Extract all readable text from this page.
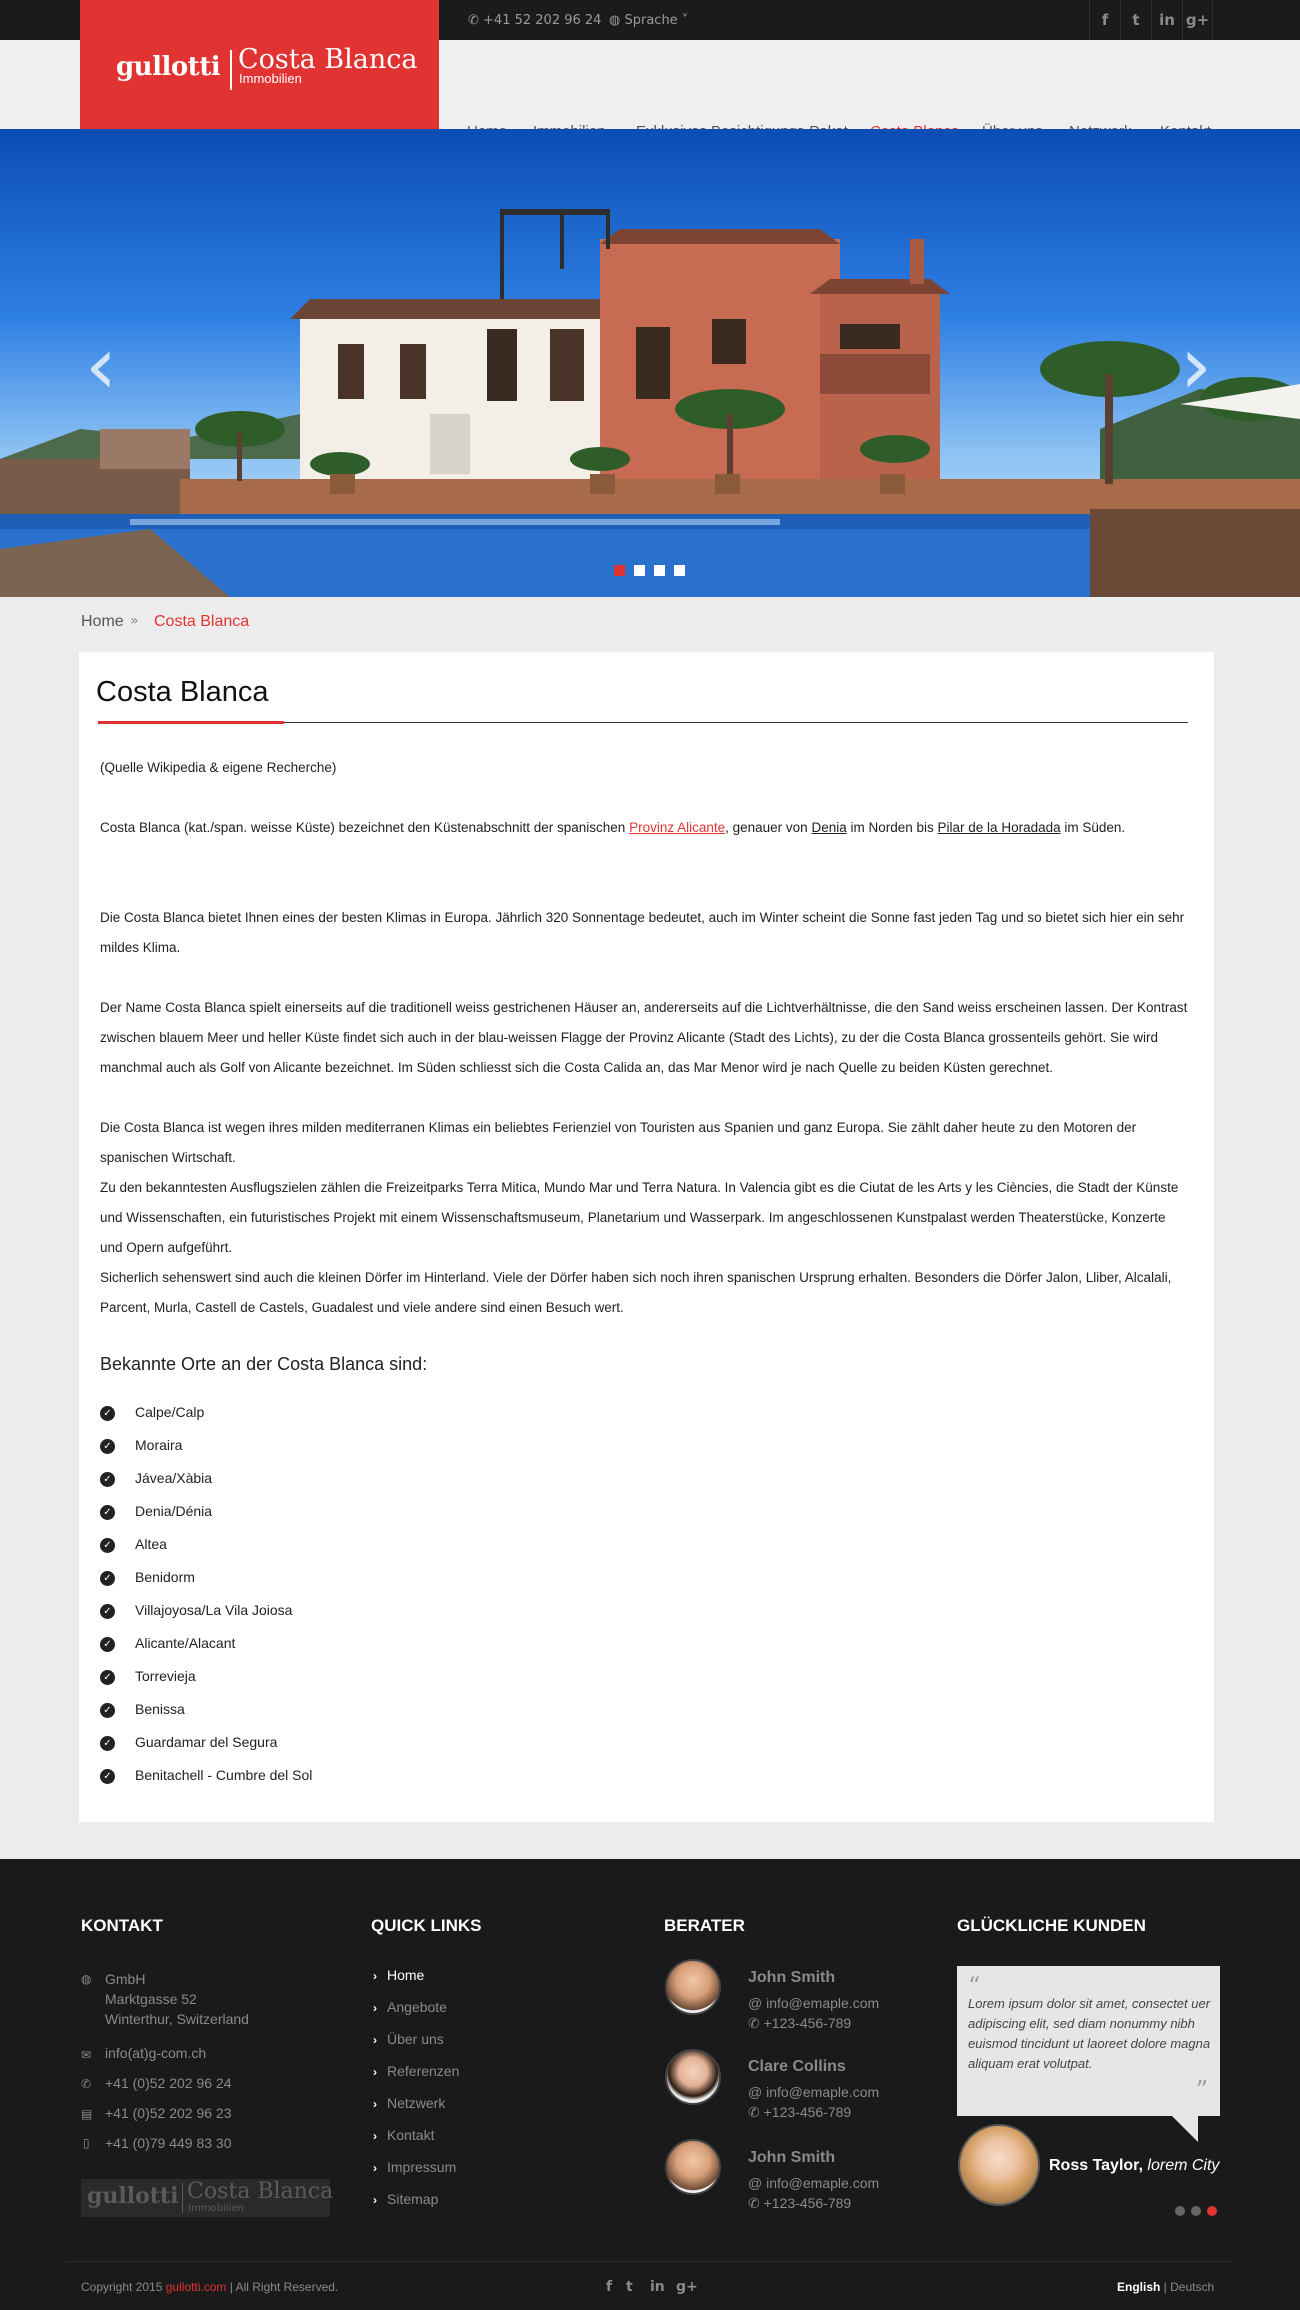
✆ +41 52 202 96 24 ◍ Sprache ˅	f	t	in g+
gullotti Costa Blanca
Immobilien
‹	›
Home » Costa Blanca
Costa Blanca
(Quelle Wikipedia & eigene Recherche)
Costa Blanca (kat./span. weisse Küste) bezeichnet den Küstenabschnitt der spanischen Provinz Alicante, genauer von Denia im Norden bis Pilar de la Horadada im Süden.
Die Costa Blanca bietet Ihnen eines der besten Klimas in Europa. Jährlich 320 Sonnentage bedeutet, auch im Winter scheint die Sonne fast jeden Tag und so bietet sich hier ein sehr mildes Klima.
Der Name Costa Blanca spielt einerseits auf die traditionell weiss gestrichenen Häuser an, andererseits auf die Lichtverhältnisse, die den Sand weiss erscheinen lassen. Der Kontrast zwischen blauem Meer und heller Küste findet sich auch in der blau-weissen Flagge der Provinz Alicante (Stadt des Lichts), zu der die Costa Blanca grossenteils gehört. Sie wird manchmal auch als Golf von Alicante bezeichnet. Im Süden schliesst sich die Costa Calida an, das Mar Menor wird je nach Quelle zu beiden Küsten gerechnet.
Die Costa Blanca ist wegen ihres milden mediterranen Klimas ein beliebtes Ferienziel von Touristen aus Spanien und ganz Europa. Sie zählt daher heute zu den Motoren der spanischen Wirtschaft.
Zu den bekanntesten Ausflugszielen zählen die Freizeitparks Terra Mitica, Mundo Mar und Terra Natura. In Valencia gibt es die Ciutat de les Arts y les Ciències, die Stadt der Künste und Wissenschaften, ein futuristisches Projekt mit einem Wissenschaftsmuseum, Planetarium und Wasserpark. Im angeschlossenen Kunstpalast werden Theaterstücke, Konzerte und Opern aufgeführt.
Sicherlich sehenswert sind auch die kleinen Dörfer im Hinterland. Viele der Dörfer haben sich noch ihren spanischen Ursprung erhalten. Besonders die Dörfer Jalon, Lliber, Alcalali, Parcent, Murla, Castell de Castels, Guadalest und viele andere sind einen Besuch wert.
Bekannte Orte an der Costa Blanca sind:
✓ Calpe/Calp
✓ Moraira
✓ Jávea/Xàbia
✓ Denia/Dénia
✓ Altea
✓ Benidorm
✓ Villajoyosa/La Vila Joiosa
✓ Alicante/Alacant
✓ Torrevieja
✓ Benissa
✓ Guardamar del Segura
✓ Benitachell - Cumbre del Sol
KONTAKT
◍ GmbH
Marktgasse 52
Winterthur, Switzerland
✉ info(at)g-com.ch
✆ +41 (0)52 202 96 24
▤ +41 (0)52 202 96 23
▯ +41 (0)79 449 83 30
gullotti Costa Blanca
Immobilien
QUICK LINKS
› Home
› Angebote
› Über uns
› Referenzen
› Netzwerk
› Kontakt
› Impressum
› Sitemap
BERATER
John Smith
@ info@emaple.com
✆ +123-456-789
Clare Collins
@ info@emaple.com
✆ +123-456-789
John Smith
@ info@emaple.com
✆ +123-456-789
GLÜCKLICHE KUNDEN
“
Lorem ipsum dolor sit amet, consectet uer adipiscing elit, sed diam nonummy nibh euismod tincidunt ut laoreet dolore magna aliquam erat volutpat.
”
Ross Taylor, lorem City
Copyright 2015 gullotti.com | All Right Reserved.	f t in g+	English | Deutsch
